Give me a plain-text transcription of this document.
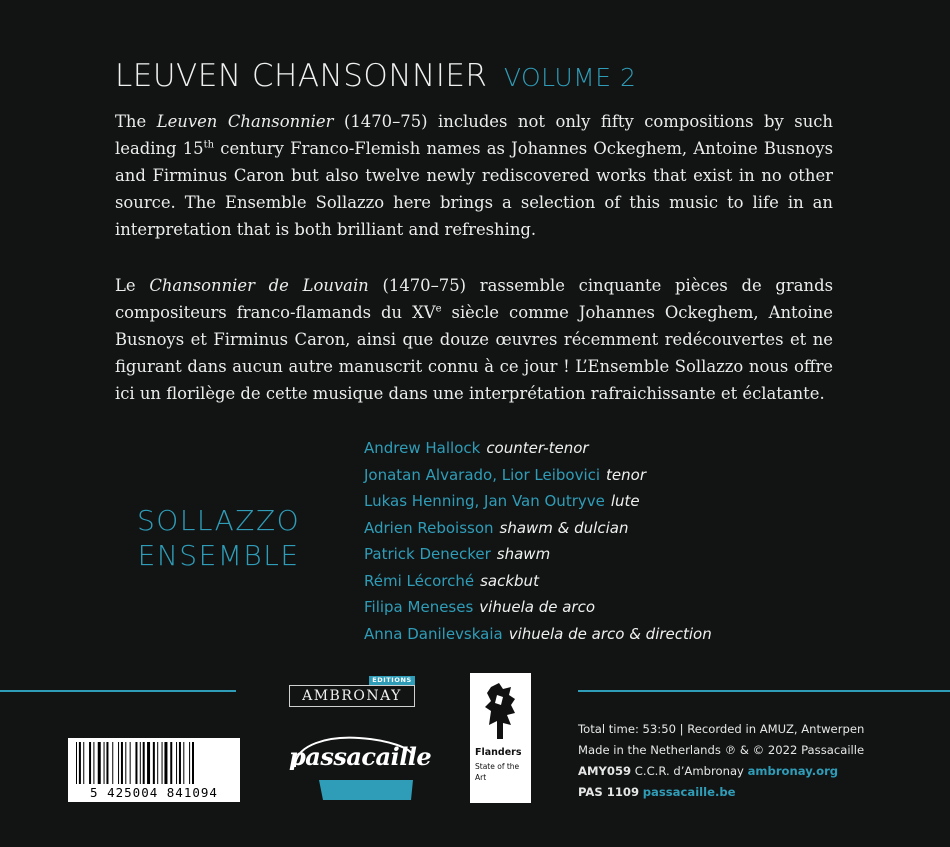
LEUVEN CHANSONNIER VOLUME 2

The Leuven Chansonnier (1470–75) includes not only fifty compositions by such leading 15th century Franco-Flemish names as Johannes Ockeghem, Antoine Busnoys and Firminus Caron but also twelve newly rediscovered works that exist in no other source. The Ensemble Sollazzo here brings a selection of this music to life in an interpretation that is both brilliant and refreshing.

Le Chansonnier de Louvain (1470–75) rassemble cinquante pièces de grands compositeurs franco-flamands du XVe siècle comme Johannes Ockeghem, Antoine Busnoys et Firminus Caron, ainsi que douze œuvres récemment redécouvertes et ne figurant dans aucun autre manuscrit connu à ce jour ! L’Ensemble Sollazzo nous offre ici un florilège de cette musique dans une interprétation rafraichissante et éclatante.

SOLLAZZO
ENSEMBLE
Andrew Hallock counter-tenor
Jonatan Alvarado, Lior Leibovici tenor
Lukas Henning, Jan Van Outryve lute
Adrien Reboisson shawm & dulcian
Patrick Denecker shawm
Rémi Lécorché sackbut
Filipa Meneses vihuela de arco
Anna Danilevskaia vihuela de arco & direction
5 425004 841094
EDITIONS
AMBRONAY
passacaille	Flanders
State of the Art
Total time: 53:50 | Recorded in AMUZ, Antwerpen
Made in the Netherlands ℗ & © 2022 Passacaille
AMY059 C.C.R. d’Ambronay ambronay.org
PAS 1109 passacaille.be
